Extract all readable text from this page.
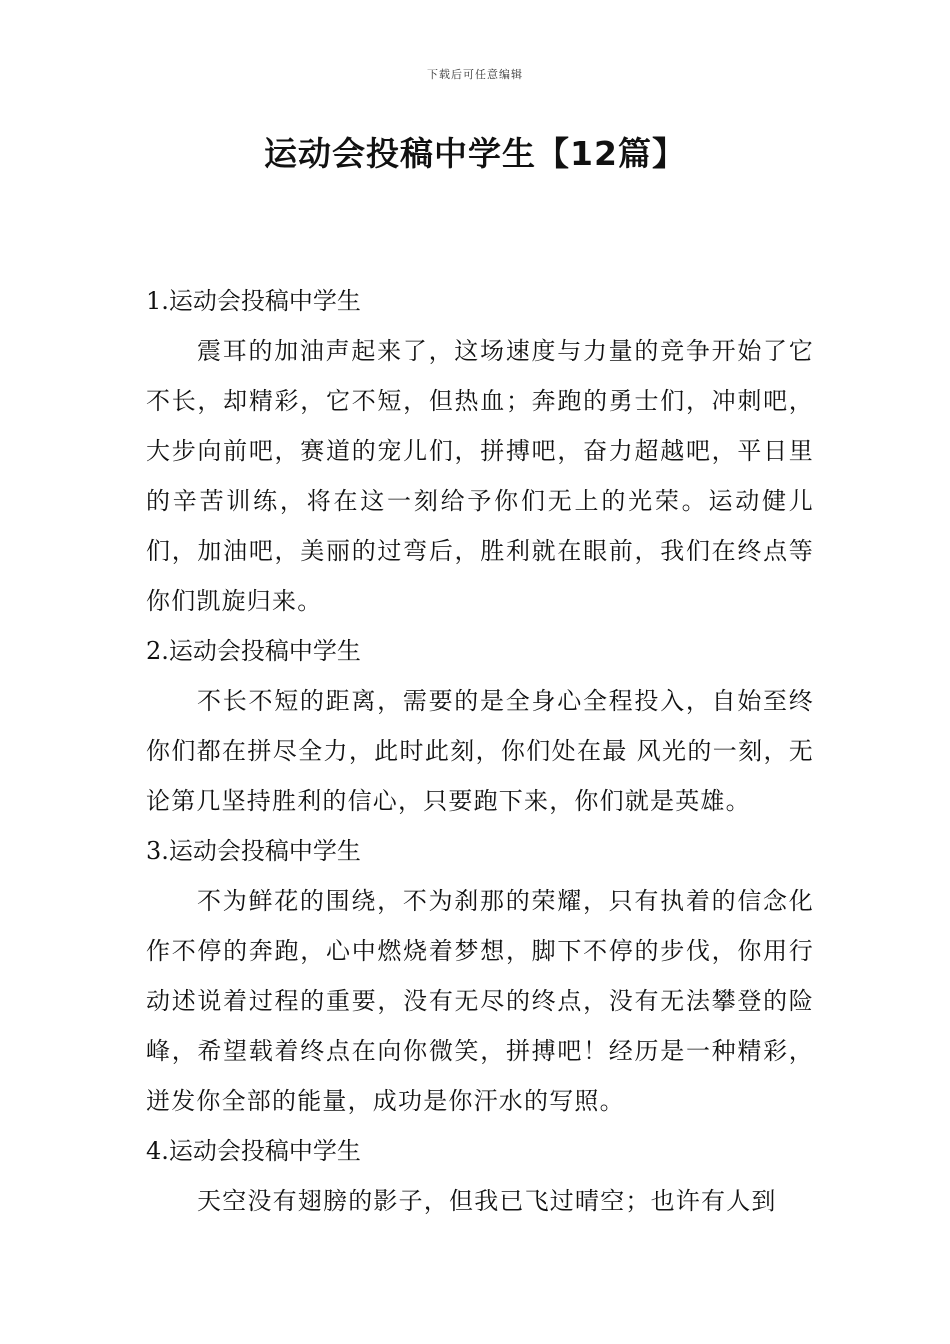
下载后可任意编辑
运动会投稿中学生【12篇】

1.运动会投稿中学生

震耳的加油声起来了，这场速度与力量的竞争开始了它不长，却精彩，它不短，但热血；奔跑的勇士们，冲刺吧，大步向前吧，赛道的宠儿们，拼搏吧，奋力超越吧，平日里的辛苦训练，将在这一刻给予你们无上的光荣。运动健儿们，加油吧，美丽的过弯后，胜利就在眼前，我们在终点等你们凯旋归来。

2.运动会投稿中学生

不长不短的距离，需要的是全身心全程投入，自始至终你们都在拼尽全力，此时此刻，你们处在最 风光的一刻，无论第几坚持胜利的信心，只要跑下来，你们就是英雄。

3.运动会投稿中学生

不为鲜花的围绕，不为刹那的荣耀，只有执着的信念化作不停的奔跑，心中燃烧着梦想，脚下不停的步伐，你用行动述说着过程的重要，没有无尽的终点，没有无法攀登的险峰，希望载着终点在向你微笑，拼搏吧！经历是一种精彩，迸发你全部的能量，成功是你汗水的写照。

4.运动会投稿中学生

天空没有翅膀的影子，但我已飞过晴空；也许有人到
